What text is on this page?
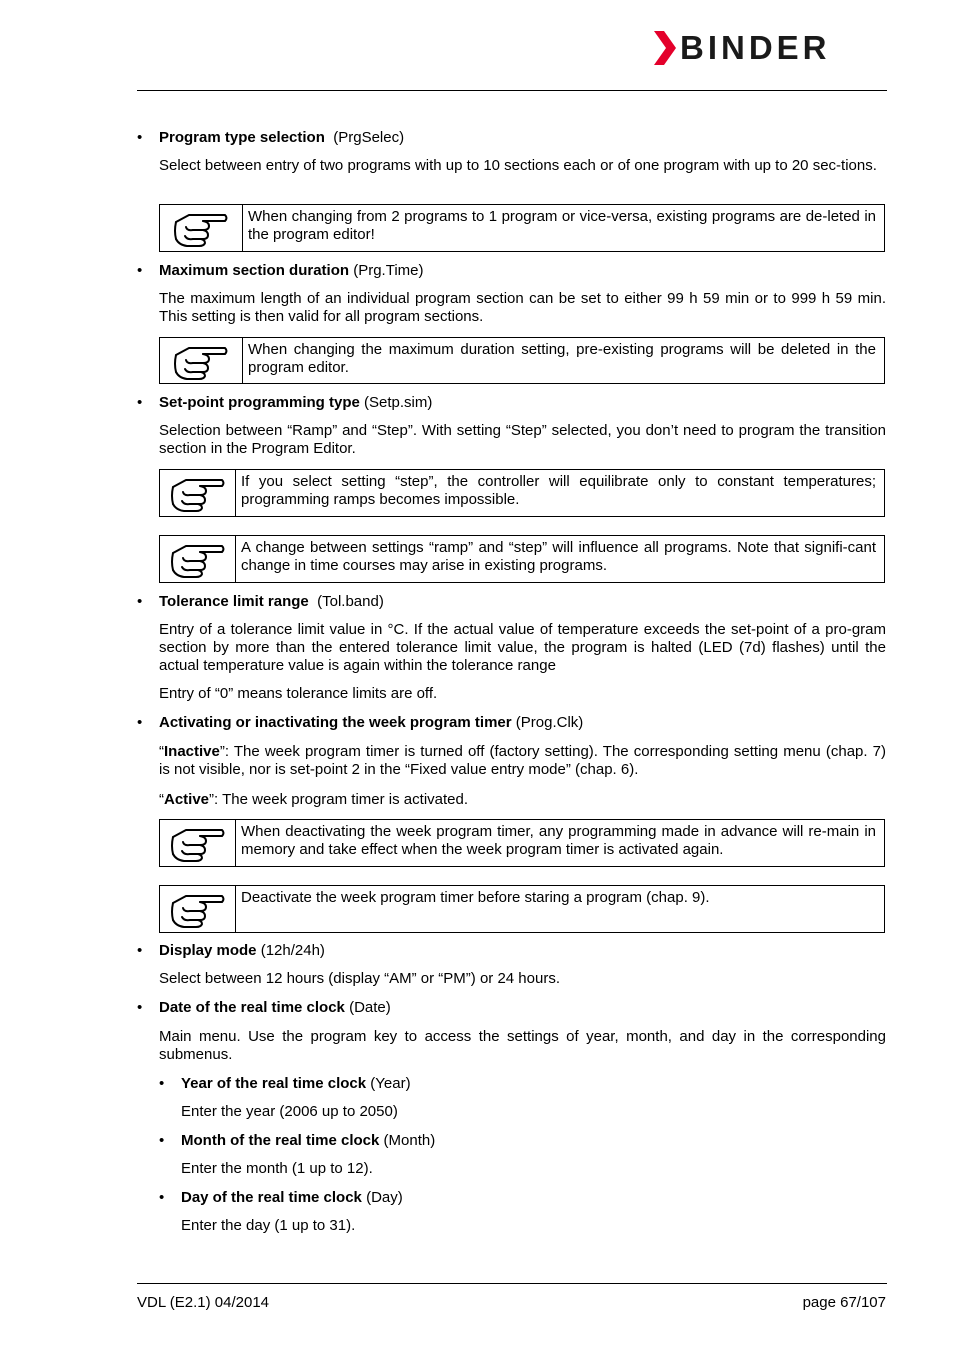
BINDER
• Program type selection (PrgSelec)
Select between entry of two programs with up to 10 sections each or of one program with up to 20 sec-tions.
When changing from 2 programs to 1 program or vice-versa, existing programs are de-leted in the program editor!
• Maximum section duration (Prg.Time)
The maximum length of an individual program section can be set to either 99 h 59 min or to 999 h 59 min. This setting is then valid for all program sections.
When changing the maximum duration setting, pre-existing programs will be deleted in the program editor.
• Set-point programming type (Setp.sim)
Selection between “Ramp” and “Step”. With setting “Step” selected, you don’t need to program the transition section in the Program Editor.
If you select setting “step”, the controller will equilibrate only to constant temperatures; programming ramps becomes impossible.
A change between settings “ramp” and “step” will influence all programs. Note that signifi-cant change in time courses may arise in existing programs.
• Tolerance limit range (Tol.band)
Entry of a tolerance limit value in °C. If the actual value of temperature exceeds the set-point of a pro-gram section by more than the entered tolerance limit value, the program is halted (LED (7d) flashes) until the actual temperature value is again within the tolerance range
Entry of “0” means tolerance limits are off.
• Activating or inactivating the week program timer (Prog.Clk)
“Inactive”: The week program timer is turned off (factory setting). The corresponding setting menu (chap. 7) is not visible, nor is set-point 2 in the “Fixed value entry mode” (chap. 6).
“Active”: The week program timer is activated.
When deactivating the week program timer, any programming made in advance will re-main in memory and take effect when the week program timer is activated again.
Deactivate the week program timer before staring a program (chap. 9).
• Display mode (12h/24h)
Select between 12 hours (display “AM” or “PM”) or 24 hours.
• Date of the real time clock (Date)
Main menu. Use the program key to access the settings of year, month, and day in the corresponding submenus.
• Year of the real time clock (Year)
Enter the year (2006 up to 2050)
• Month of the real time clock (Month)
Enter the month (1 up to 12).
• Day of the real time clock (Day)
Enter the day (1 up to 31).
VDL (E2.1) 04/2014	page 67/107
